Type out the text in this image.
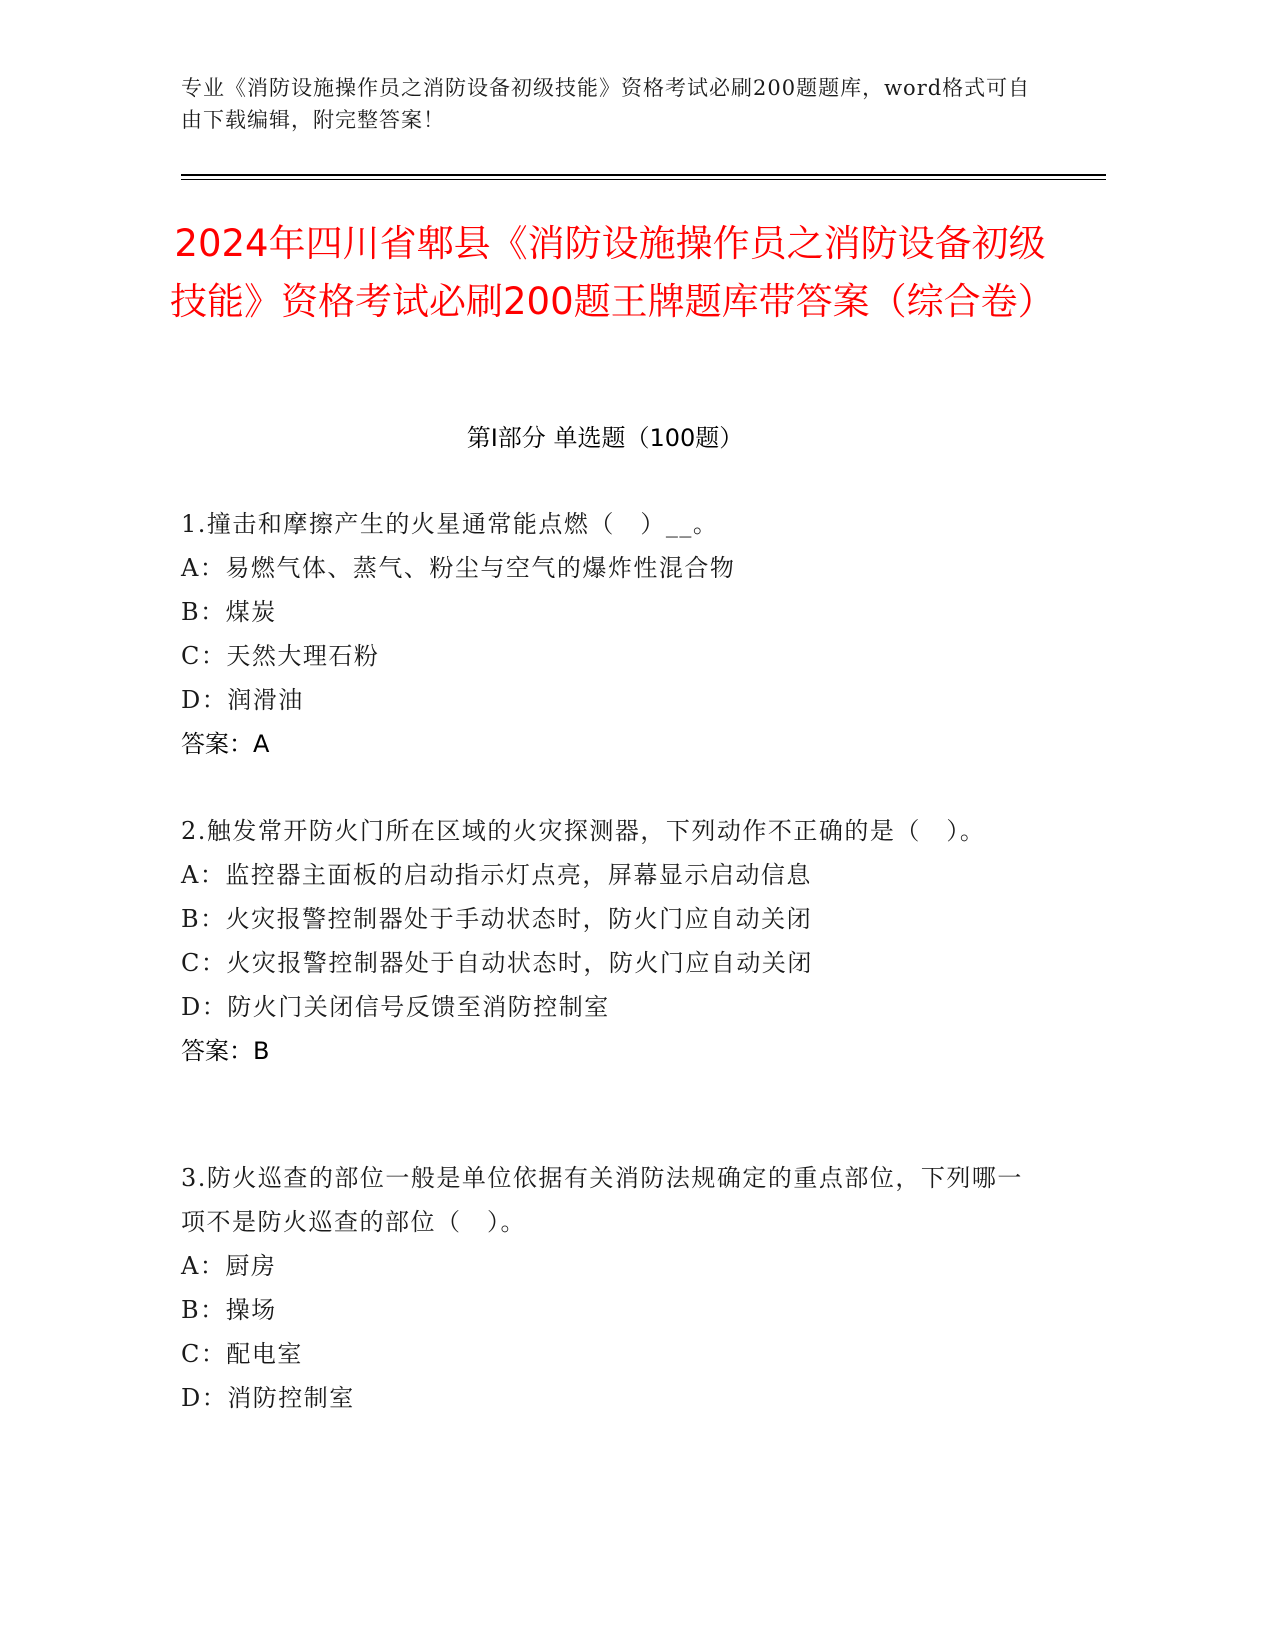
专业《消防设施操作员之消防设备初级技能》资格考试必刷200题题库，word格式可自由下载编辑，附完整答案！
2024年四川省郫县《消防设施操作员之消防设备初级技能》资格考试必刷200题王牌题库带答案（综合卷）
第Ⅰ部分 单选题（100题）
1.撞击和摩擦产生的火星通常能点燃（　）__。
A：易燃气体、蒸气、粉尘与空气的爆炸性混合物
B：煤炭
C：天然大理石粉
D：润滑油
答案：A
2.触发常开防火门所在区域的火灾探测器，下列动作不正确的是（　）。
A：监控器主面板的启动指示灯点亮，屏幕显示启动信息
B：火灾报警控制器处于手动状态时，防火门应自动关闭
C：火灾报警控制器处于自动状态时，防火门应自动关闭
D：防火门关闭信号反馈至消防控制室
答案：B
3.防火巡查的部位一般是单位依据有关消防法规确定的重点部位，下列哪一项不是防火巡查的部位（　）。
A：厨房
B：操场
C：配电室
D：消防控制室
